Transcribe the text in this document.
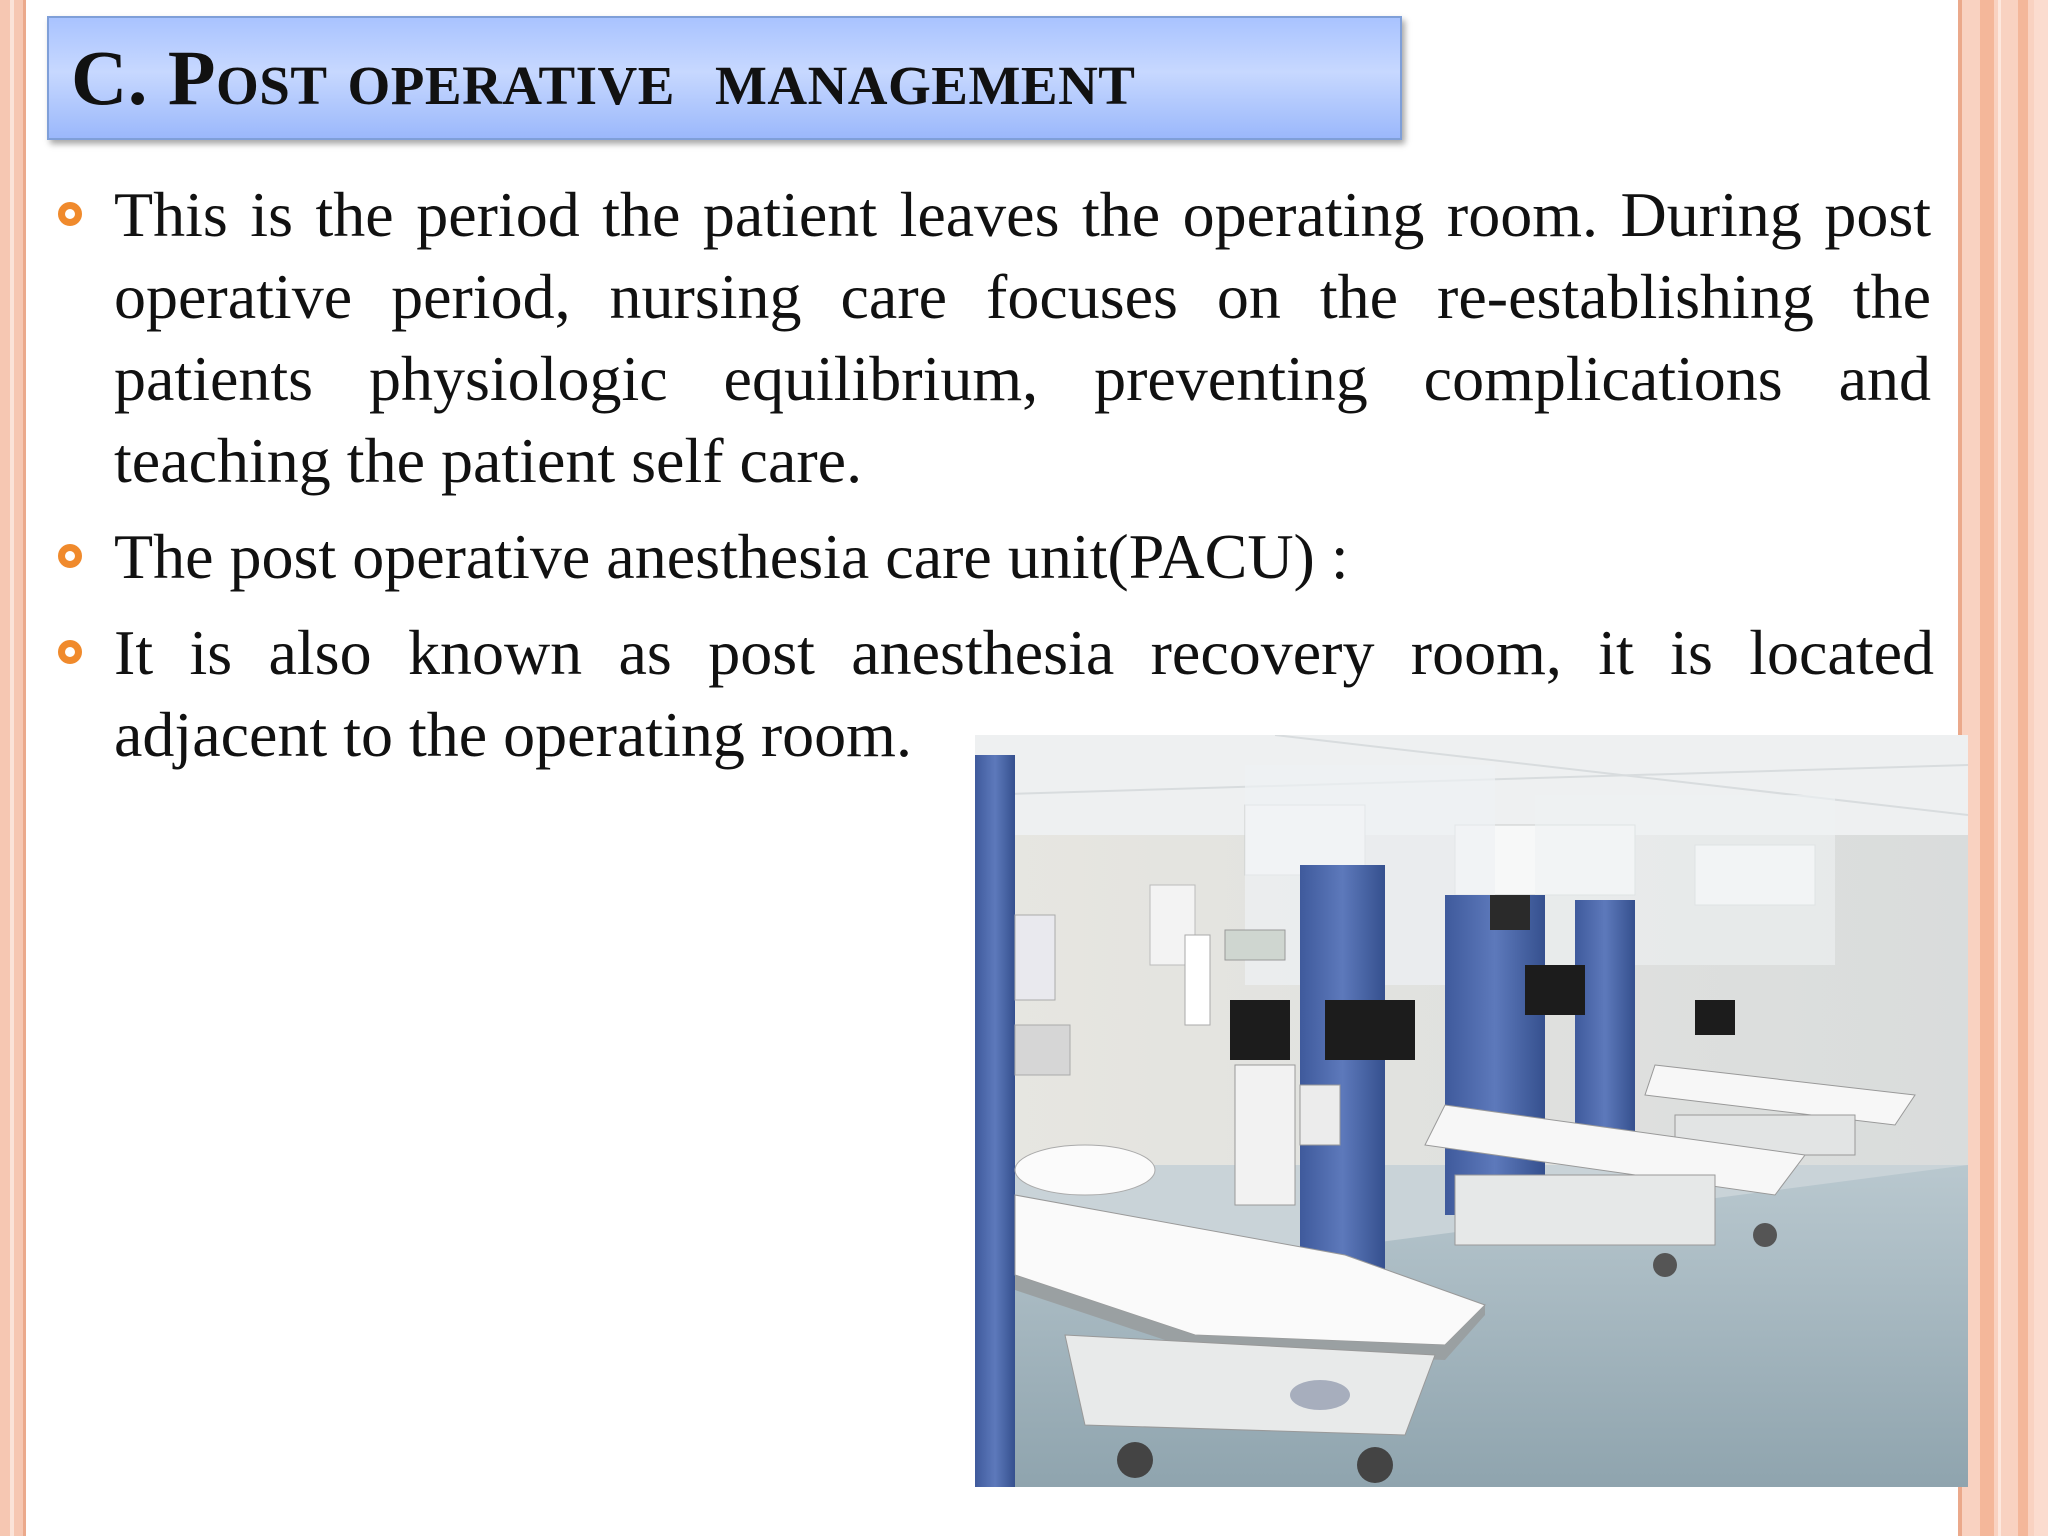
C. Post operative  management
This is the period the patient leaves the operating room. During post operative period, nursing care focuses on the re-establishing the patients physiologic equilibrium, preventing complications and teaching the patient self care.
The post operative anesthesia care unit(PACU) :
It is also known as post anesthesia recovery room, it is located adjacent to the operating room.
